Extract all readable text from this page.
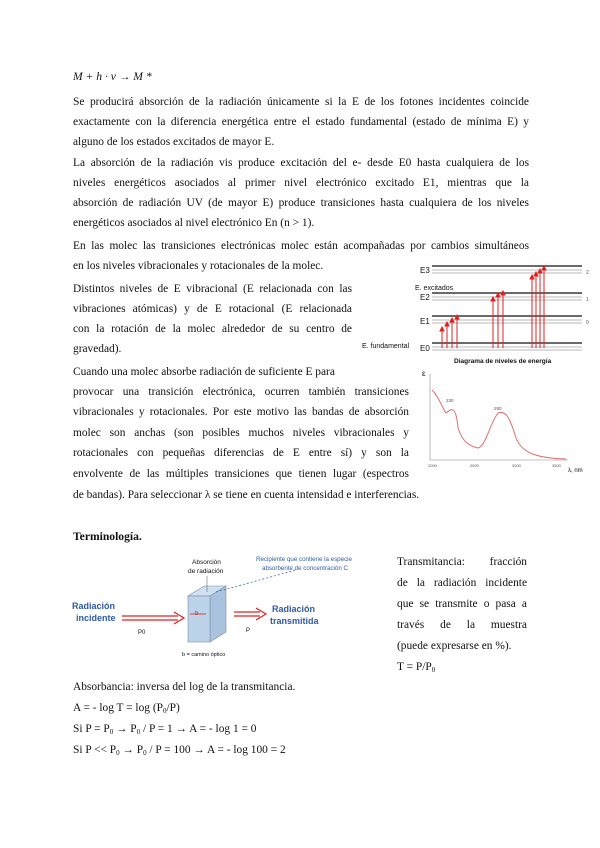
M + h · v → M *
Se producirá absorción de la radiación únicamente si la E de los fotones incidentes coincide
exactamente con la diferencia energética entre el estado fundamental (estado de mínima E) y
alguno de los estados excitados de mayor E.
La absorción de la radiación vis produce excitación del e- desde E0 hasta cualquiera de los
niveles energéticos asociados al primer nivel electrónico excitado E1, mientras que la
absorción de radiación UV (de mayor E) produce transiciones hasta cualquiera de los niveles
energéticos asociados al nivel electrónico En (n > 1).
En las molec las transiciones electrónicas molec están acompañadas por cambios simultáneos
en los niveles vibracionales y rotacionales de la molec.
Distintos niveles de E vibracional (E relacionada con las
vibraciones atómicas) y de E rotacional (E relacionada
con la rotación de la molec alrededor de su centro de
gravedad).
Cuando una molec absorbe radiación de suficiente E para
provocar una transición electrónica, ocurren también transiciones
vibracionales y rotacionales. Por este motivo las bandas de absorción
molec son anchas (son posibles muchos niveles vibracionales y
rotacionales con pequeñas diferencias de E entre sí) y son la
envolvente de las múltiples transiciones que tienen lugar (espectros
de bandas). Para seleccionar λ se tiene en cuenta intensidad e interferencias.
E3
E. excitados
E2
E1
E. fundamental E0
2
1
0
Diagrama de niveles de energía
ε
230
280
2000	2500	3000	3500
λ, nm
Terminología.
Radiación incidente
P0
b
Absorción de radiación
b = camino óptico
P
Radiación transmitida
Recipiente que contiene la especie absorbente de concentración C
Transmitancia: fracción
de la radiación incidente
que se transmite o pasa a
través de la muestra
(puede expresarse en %).
$T = P/P_0$
Absorbancia: inversa del log de la transmitancia.
A = - $\log T = \log (P_0/P)$
Si $P = P_0 \to P_0 / P = 1 \to A$ = - log 1 = 0
Si $P << P_0 \to P_0 / P = 100 \to A$ = - log 100 = 2
